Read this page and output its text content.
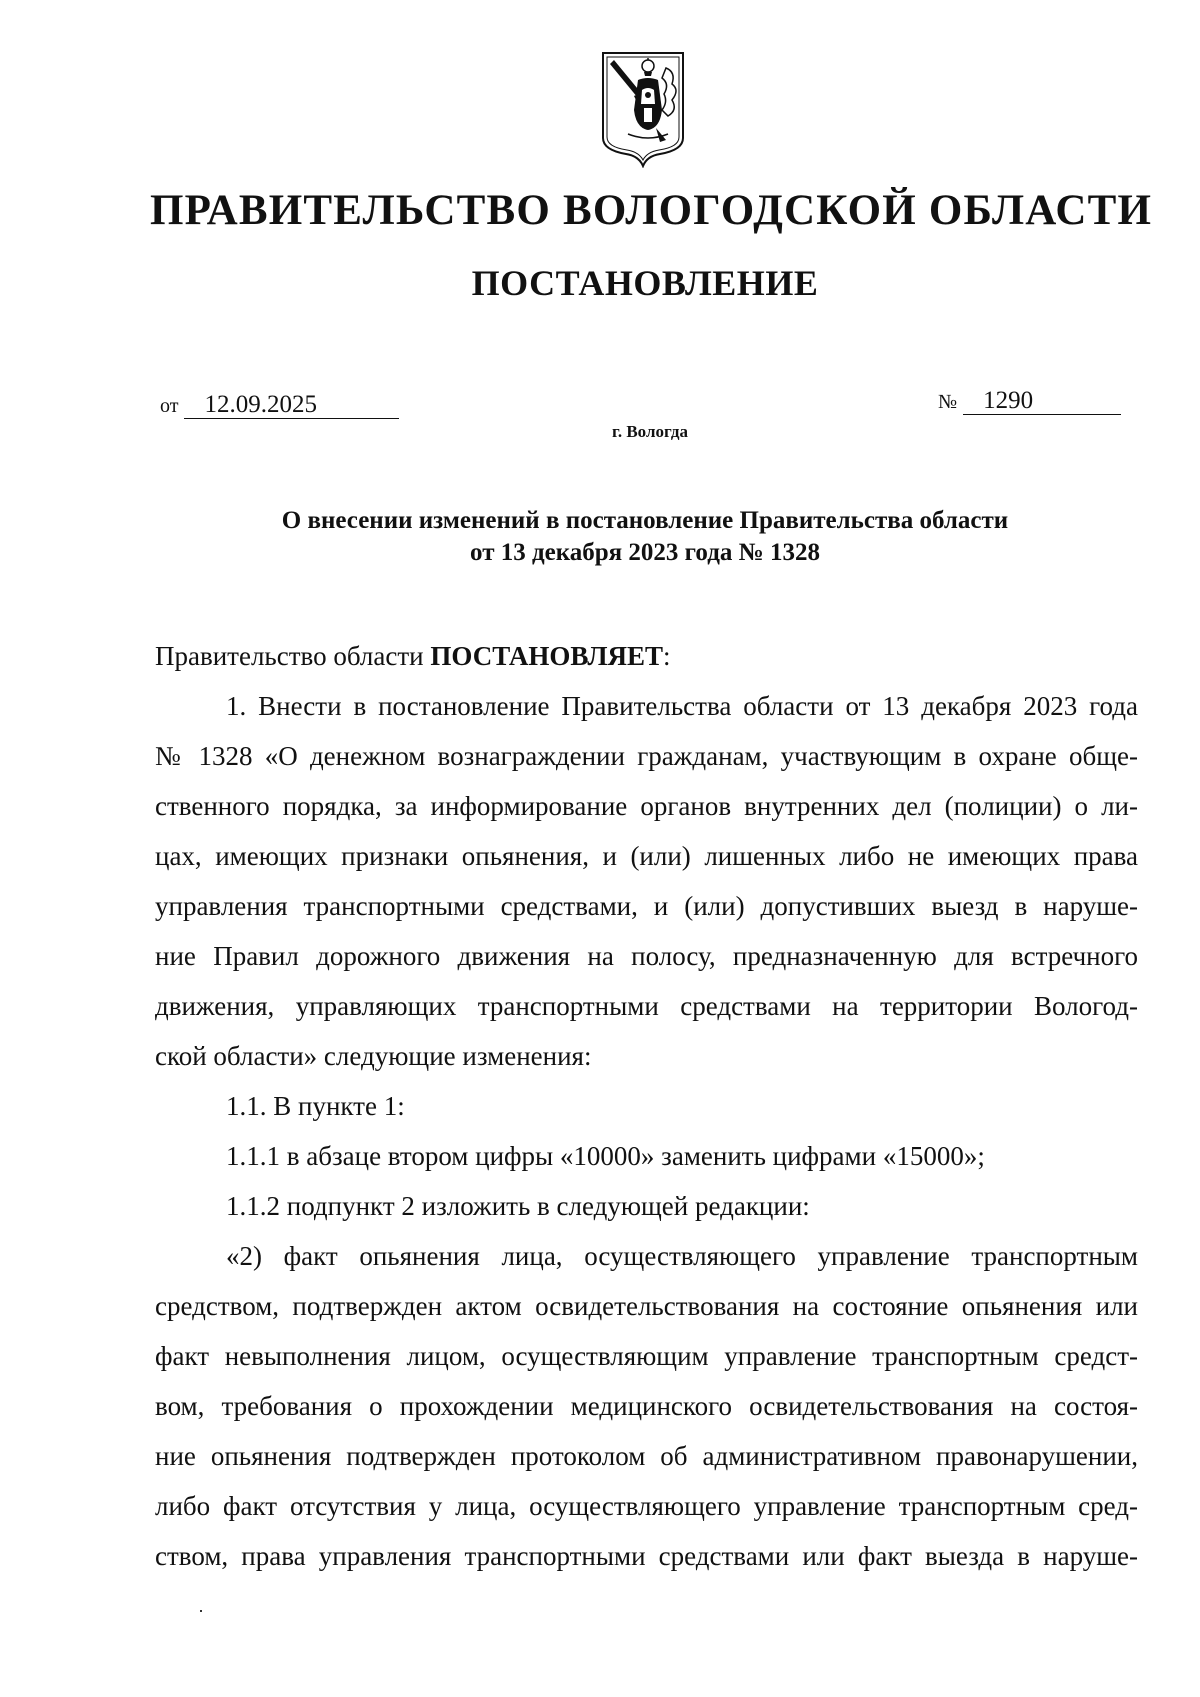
ПРАВИТЕЛЬСТВО ВОЛОГОДСКОЙ ОБЛАСТИ
ПОСТАНОВЛЕНИЕ
от 12.09.2025	№ 1290
г. Вологда
О внесении изменений в постановление Правительства области
от 13 декабря 2023 года № 1328
Правительство области ПОСТАНОВЛЯЕТ:
1. Внести в постановление Правительства области от 13 декабря 2023 года
№ 1328 «О денежном вознаграждении гражданам, участвующим в охране обще-
ственного порядка, за информирование органов внутренних дел (полиции) о ли-
цах, имеющих признаки опьянения, и (или) лишенных либо не имеющих права
управления транспортными средствами, и (или) допустивших выезд в наруше-
ние Правил дорожного движения на полосу, предназначенную для встречного
движения, управляющих транспортными средствами на территории Вологод-
ской области» следующие изменения:
1.1. В пункте 1:
1.1.1 в абзаце втором цифры «10000» заменить цифрами «15000»;
1.1.2 подпункт 2 изложить в следующей редакции:
«2) факт опьянения лица, осуществляющего управление транспортным
средством, подтвержден актом освидетельствования на состояние опьянения или
факт невыполнения лицом, осуществляющим управление транспортным средст-
вом, требования о прохождении медицинского освидетельствования на состоя-
ние опьянения подтвержден протоколом об административном правонарушении,
либо факт отсутствия у лица, осуществляющего управление транспортным сред-
ством, права управления транспортными средствами или факт выезда в наруше-
